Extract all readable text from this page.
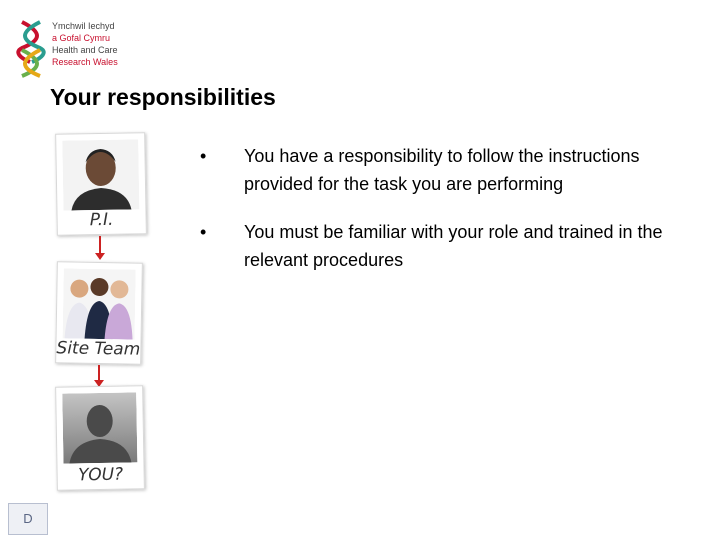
Ymchwil Iechyd
a Gofal Cymru
Health and Care
Research Wales
Your responsibilities
P.I.
Site Team
YOU?
•	You have a responsibility to follow the instructions provided for the task you are performing
•	You must be familiar with your role and trained in the relevant procedures
D
